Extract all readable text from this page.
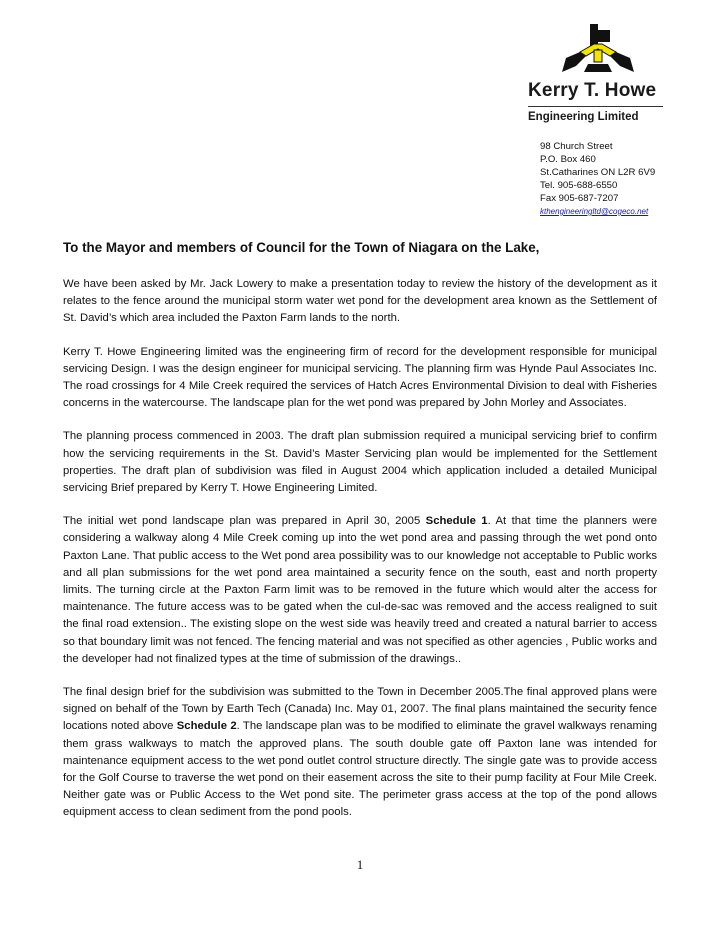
Kerry T. Howe
Engineering Limited
98 Church Street
P.O. Box 460
St.Catharines ON L2R 6V9
Tel. 905-688-6550
Fax 905-687-7207
kthengineeringltd@cogeco.net
To the Mayor and members of Council for the Town of Niagara on the Lake,

We have been asked by Mr. Jack Lowery to make a presentation today to review the history of the development as it relates to the fence around the municipal storm water wet pond for the development area known as the Settlement of St. David’s which area included the Paxton Farm lands to the north.

Kerry T. Howe Engineering limited was the engineering firm of record for the development responsible for municipal servicing Design. I was the design engineer for municipal servicing. The planning firm was Hynde Paul Associates Inc. The road crossings for 4 Mile Creek required the services of Hatch Acres Environmental Division to deal with Fisheries concerns in the watercourse. The landscape plan for the wet pond was prepared by John Morley and Associates.

The planning process commenced in 2003. The draft plan submission required a municipal servicing brief to confirm how the servicing requirements in the St. David’s Master Servicing plan would be implemented for the Settlement properties. The draft plan of subdivision was filed in August 2004 which application included a detailed Municipal servicing Brief prepared by Kerry T. Howe Engineering Limited.

The initial wet pond landscape plan was prepared in April 30, 2005 Schedule 1. At that time the planners were considering a walkway along 4 Mile Creek coming up into the wet pond area and passing through the wet pond onto Paxton Lane. That public access to the Wet pond area possibility was to our knowledge not acceptable to Public works and all plan submissions for the wet pond area maintained a security fence on the south, east and north property limits. The turning circle at the Paxton Farm limit was to be removed in the future which would alter the access for maintenance. The future access was to be gated when the cul-de-sac was removed and the access realigned to suit the final road extension.. The existing slope on the west side was heavily treed and created a natural barrier to access so that boundary limit was not fenced. The fencing material and was not specified as other agencies , Public works and the developer had not finalized types at the time of submission of the drawings..

The final design brief for the subdivision was submitted to the Town in December 2005.The final approved plans were signed on behalf of the Town by Earth Tech (Canada) Inc. May 01, 2007. The final plans maintained the security fence locations noted above Schedule 2. The landscape plan was to be modified to eliminate the gravel walkways renaming them grass walkways to match the approved plans. The south double gate off Paxton lane was intended for maintenance equipment access to the wet pond outlet control structure directly. The single gate was to provide access for the Golf Course to traverse the wet pond on their easement across the site to their pump facility at Four Mile Creek. Neither gate was or Public Access to the Wet pond site. The perimeter grass access at the top of the pond allows equipment access to clean sediment from the pond pools.

1
